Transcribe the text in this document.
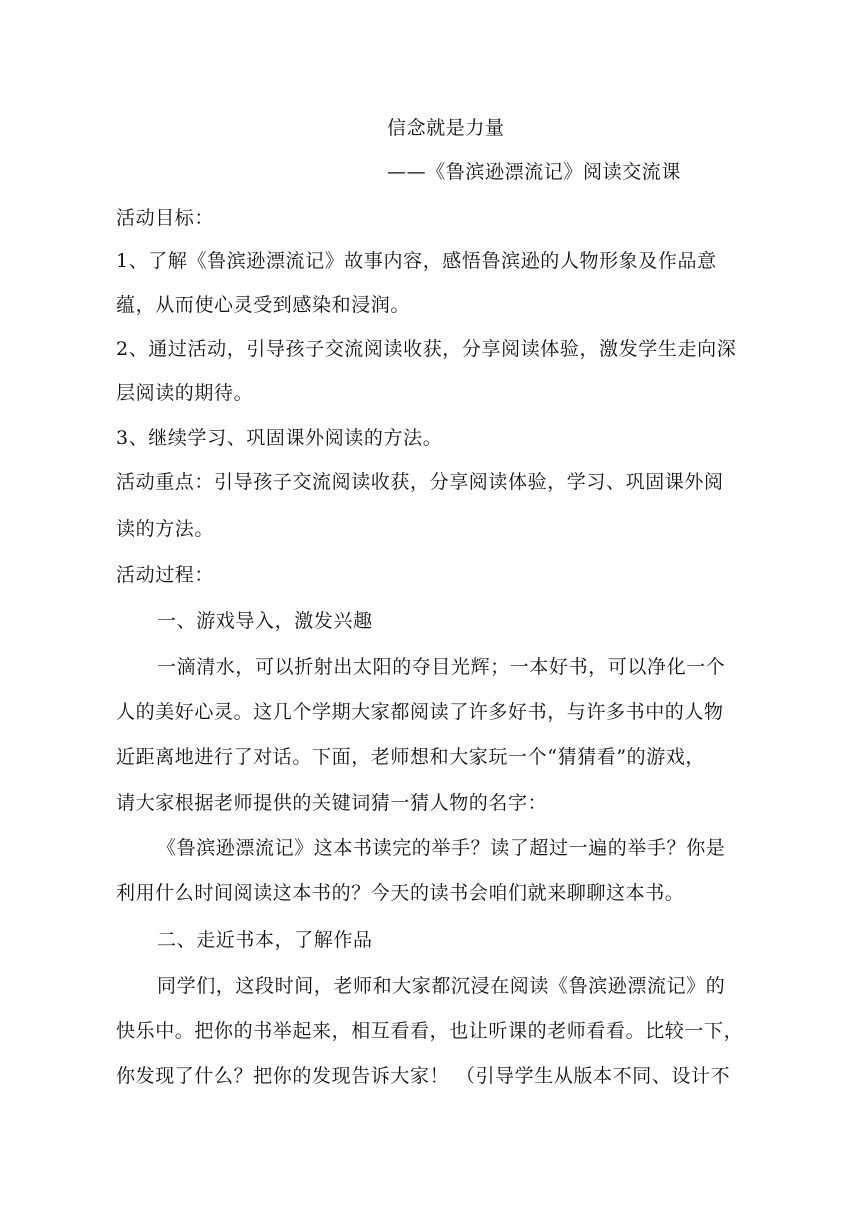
信念就是力量
——《鲁滨逊漂流记》阅读交流课
活动目标：
1、了解《鲁滨逊漂流记》故事内容，感悟鲁滨逊的人物形象及作品意
蕴，从而使心灵受到感染和浸润。
2、通过活动，引导孩子交流阅读收获，分享阅读体验，激发学生走向深
层阅读的期待。
3、继续学习、巩固课外阅读的方法。
活动重点：引导孩子交流阅读收获，分享阅读体验，学习、巩固课外阅
读的方法。
活动过程：
一、游戏导入，激发兴趣
一滴清水，可以折射出太阳的夺目光辉；一本好书，可以净化一个
人的美好心灵。这几个学期大家都阅读了许多好书，与许多书中的人物
近距离地进行了对话。下面，老师想和大家玩一个“猜猜看”的游戏，
请大家根据老师提供的关键词猜一猜人物的名字：
《鲁滨逊漂流记》这本书读完的举手？读了超过一遍的举手？你是
利用什么时间阅读这本书的？今天的读书会咱们就来聊聊这本书。
二、走近书本，了解作品
同学们，这段时间，老师和大家都沉浸在阅读《鲁滨逊漂流记》的
快乐中。把你的书举起来，相互看看，也让听课的老师看看。比较一下，
你发现了什么？把你的发现告诉大家！ （引导学生从版本不同、设计不
